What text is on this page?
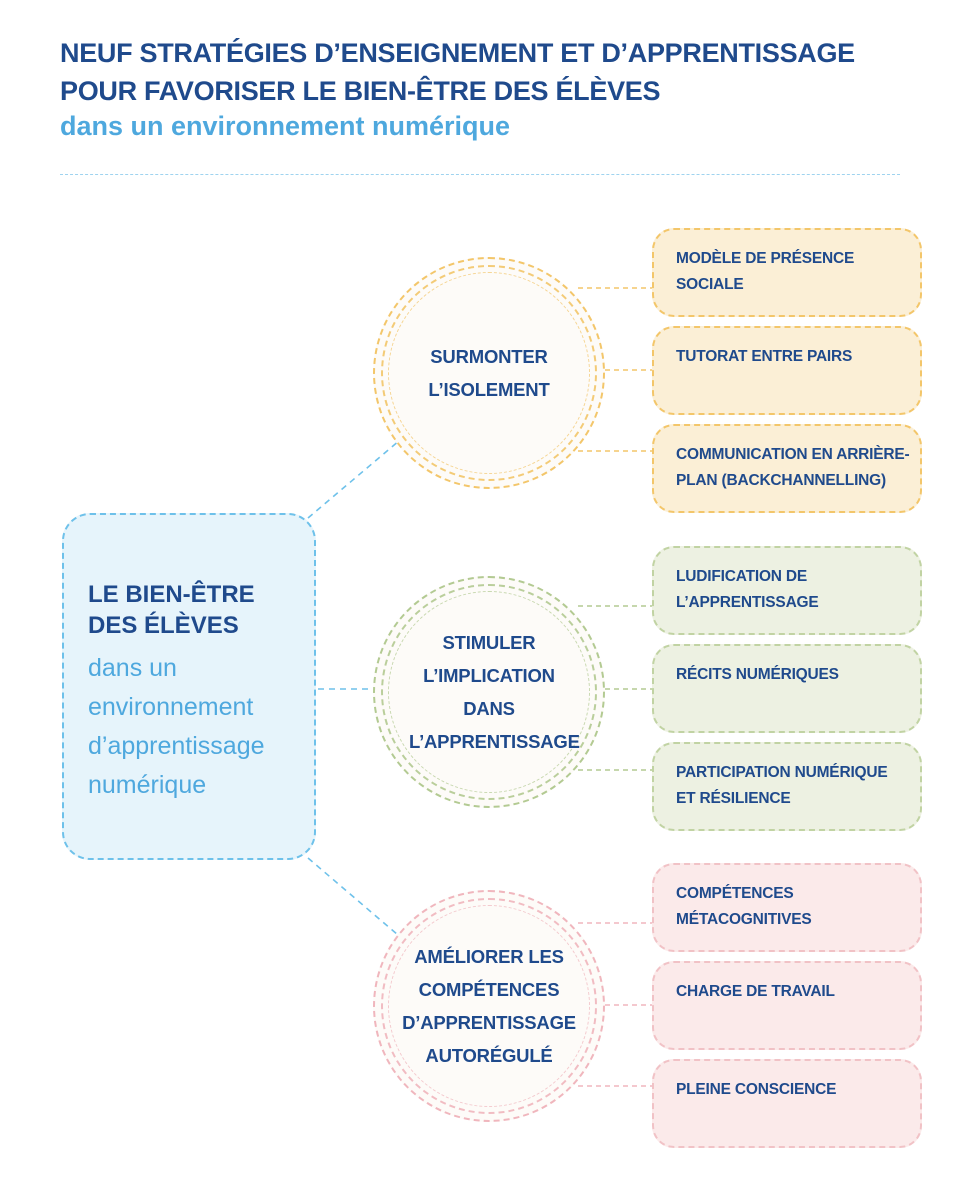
NEUF STRATÉGIES D’ENSEIGNEMENT ET D’APPRENTISSAGE
POUR FAVORISER LE BIEN-ÊTRE DES ÉLÈVES
dans un environnement numérique
LE BIEN-ÊTRE DES ÉLÈVES
dans un environnement d’apprentissage numérique
SURMONTER L’ISOLEMENT
STIMULER L’IMPLICATION DANS L’APPRENTISSAGE
AMÉLIORER LES COMPÉTENCES D’APPRENTISSAGE AUTORÉGULÉ
MODÈLE DE PRÉSENCE SOCIALE
TUTORAT ENTRE PAIRS
COMMUNICATION EN ARRIÈRE-PLAN (BACKCHANNELLING)
LUDIFICATION DE L’APPRENTISSAGE
RÉCITS NUMÉRIQUES
PARTICIPATION NUMÉRIQUE ET RÉSILIENCE
COMPÉTENCES MÉTACOGNITIVES
CHARGE DE TRAVAIL
PLEINE CONSCIENCE
